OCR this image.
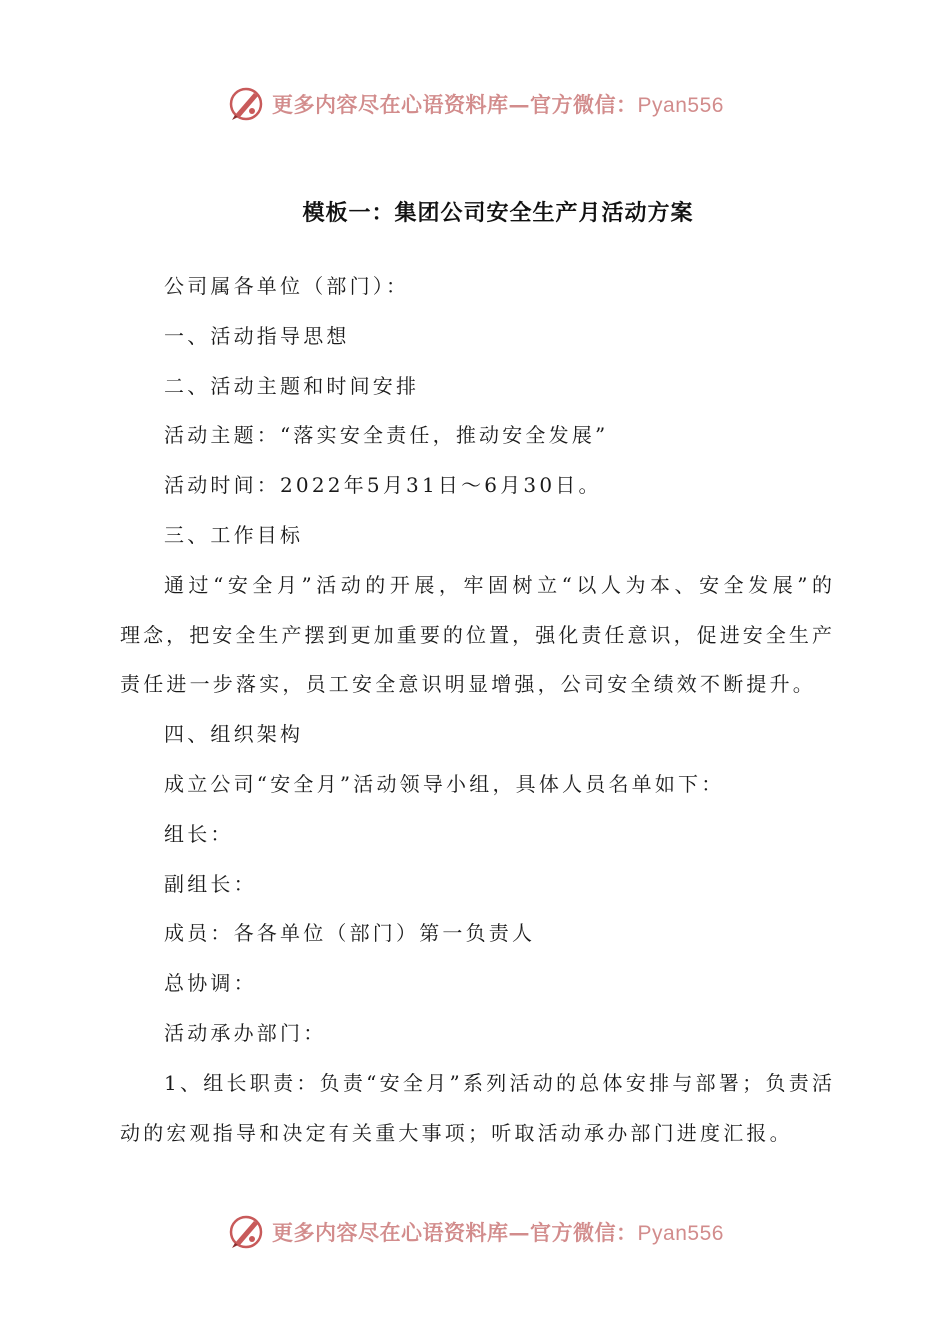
更多内容尽在心语资料库—官方微信：Pyan556
模板一：集团公司安全生产月活动方案
公司属各单位（部门）：
一、活动指导思想
二、活动主题和时间安排
活动主题：“落实安全责任，推动安全发展”
活动时间：2022年5月31日～6月30日。
三、工作目标
通过“安全月”活动的开展，牢固树立“以人为本、安全发展”的
理念，把安全生产摆到更加重要的位置，强化责任意识，促进安全生产
责任进一步落实，员工安全意识明显增强，公司安全绩效不断提升。
四、组织架构
成立公司“安全月”活动领导小组，具体人员名单如下：
组长：
副组长：
成员：各各单位（部门）第一负责人
总协调：
活动承办部门：
1、组长职责：负责“安全月”系列活动的总体安排与部署；负责活
动的宏观指导和决定有关重大事项；听取活动承办部门进度汇报。
更多内容尽在心语资料库—官方微信：Pyan556
